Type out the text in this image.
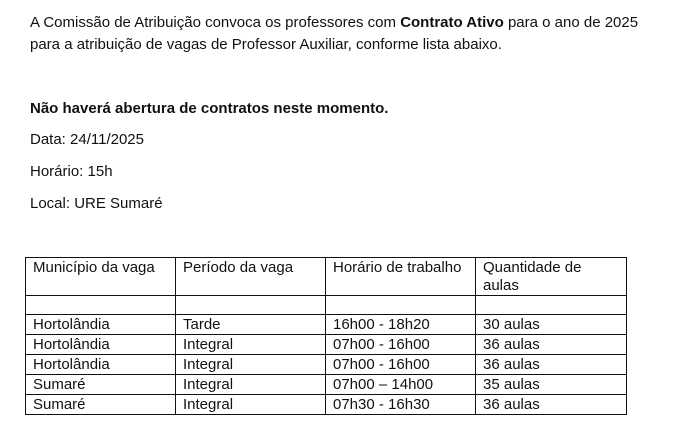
A Comissão de Atribuição convoca os professores com Contrato Ativo para o ano de 2025 para a atribuição de vagas de Professor Auxiliar, conforme lista abaixo.

Não haverá abertura de contratos neste momento.

Data: 24/11/2025

Horário: 15h

Local: URE Sumaré

Município da vaga	Período da vaga	Horário de trabalho	Quantidade de aulas

Hortolândia	Tarde	16h00 - 18h20	30 aulas
Hortolândia	Integral	07h00 - 16h00	36 aulas
Hortolândia	Integral	07h00 - 16h00	36 aulas
Sumaré	Integral	07h00 – 14h00	35 aulas
Sumaré	Integral	07h30 - 16h30	36 aulas
